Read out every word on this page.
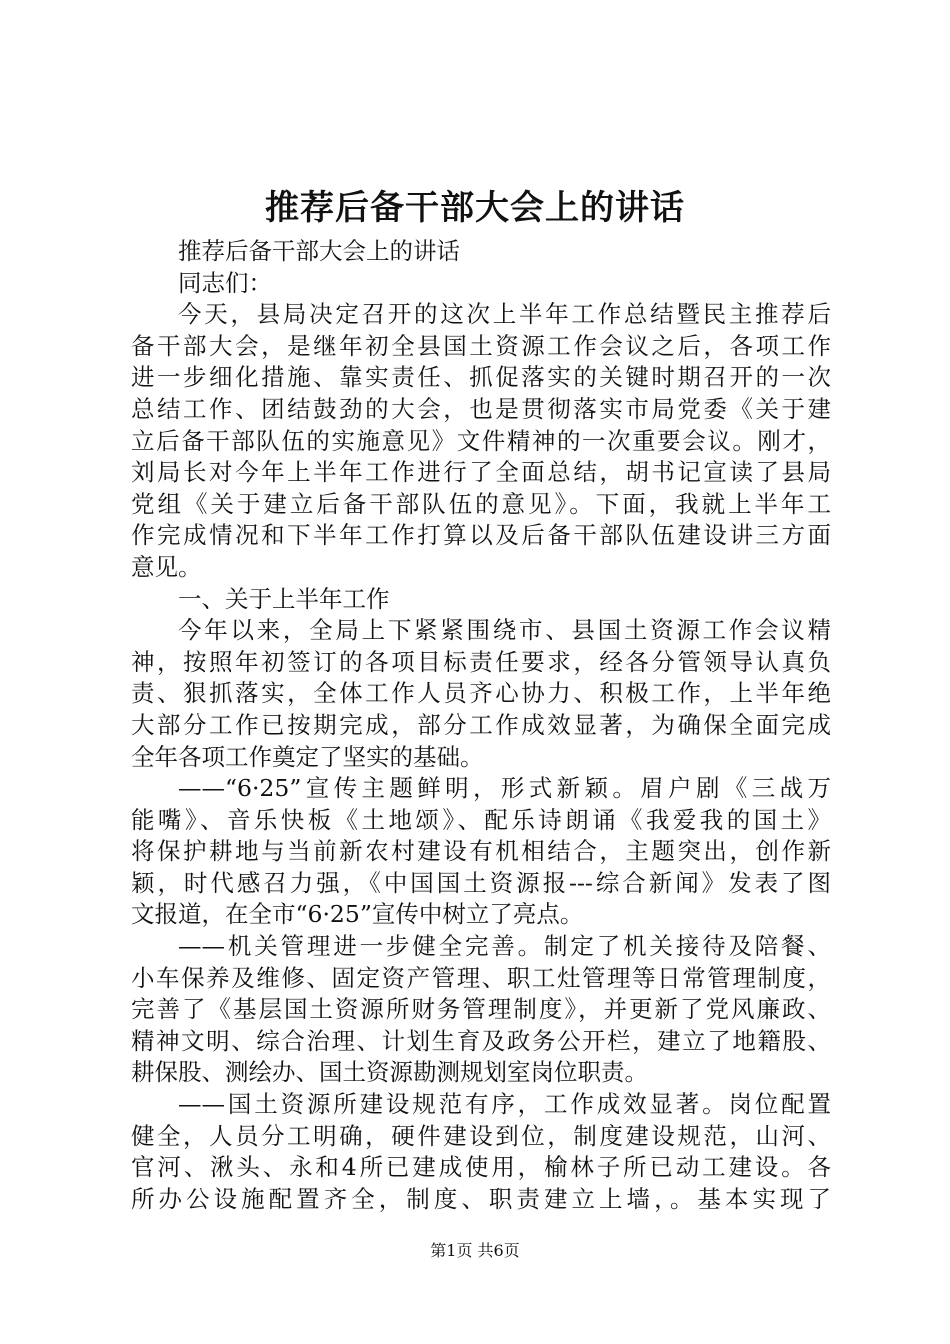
推荐后备干部大会上的讲话
推荐后备干部大会上的讲话
同志们：
今天，县局决定召开的这次上半年工作总结暨民主推荐后
备干部大会，是继年初全县国土资源工作会议之后，各项工作
进一步细化措施、靠实责任、抓促落实的关键时期召开的一次
总结工作、团结鼓劲的大会，也是贯彻落实市局党委《关于建
立后备干部队伍的实施意见》文件精神的一次重要会议。刚才，
刘局长对今年上半年工作进行了全面总结，胡书记宣读了县局
党组《关于建立后备干部队伍的意见》。下面，我就上半年工
作完成情况和下半年工作打算以及后备干部队伍建设讲三方面
意见。
一、关于上半年工作
今年以来，全局上下紧紧围绕市、县国土资源工作会议精
神，按照年初签订的各项目标责任要求，经各分管领导认真负
责、狠抓落实，全体工作人员齐心协力、积极工作，上半年绝
大部分工作已按期完成，部分工作成效显著，为确保全面完成
全年各项工作奠定了坚实的基础。
——“6·25”宣传主题鲜明，形式新颖。眉户剧《三战万
能嘴》、音乐快板《土地颂》、配乐诗朗诵《我爱我的国土》
将保护耕地与当前新农村建设有机相结合，主题突出，创作新
颖，时代感召力强，《中国国土资源报---综合新闻》发表了图
文报道，在全市“6·25”宣传中树立了亮点。
——机关管理进一步健全完善。制定了机关接待及陪餐、
小车保养及维修、固定资产管理、职工灶管理等日常管理制度，
完善了《基层国土资源所财务管理制度》，并更新了党风廉政、
精神文明、综合治理、计划生育及政务公开栏，建立了地籍股、
耕保股、测绘办、国土资源勘测规划室岗位职责。
——国土资源所建设规范有序，工作成效显著。岗位配置
健全，人员分工明确，硬件建设到位，制度建设规范，山河、
官河、湫头、永和4所已建成使用，榆林子所已动工建设。各
所办公设施配置齐全，制度、职责建立上墙，。基本实现了
第1页 共6页
